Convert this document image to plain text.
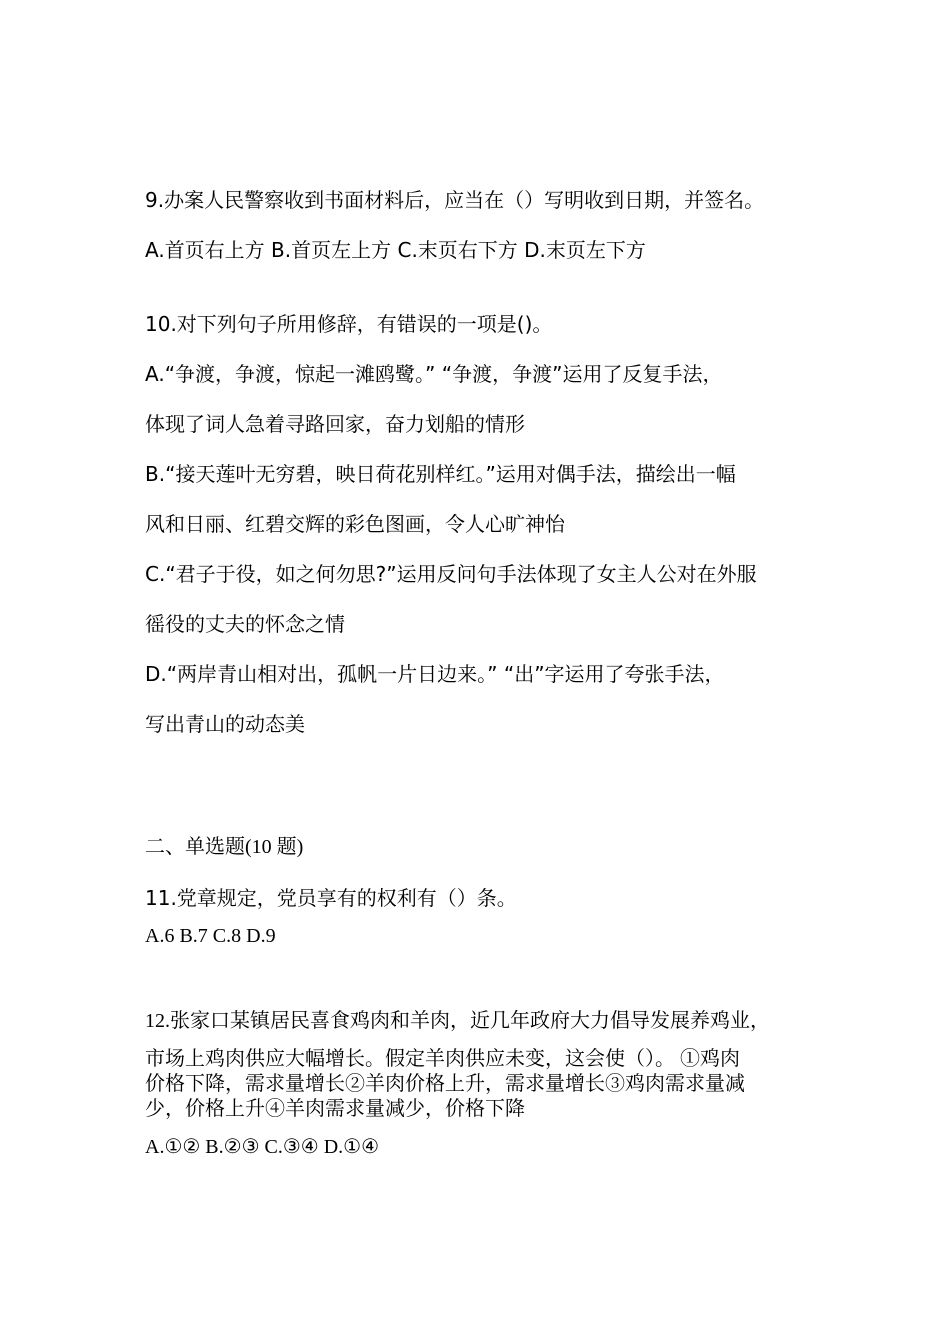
9.办案人民警察收到书面材料后，应当在（）写明收到日期，并签名。
A.首页右上方 B.首页左上方 C.末页右下方 D.末页左下方
10.对下列句子所用修辞，有错误的一项是()。
A.“争渡，争渡，惊起一滩鸥鹭。” “争渡，争渡”运用了反复手法，
体现了词人急着寻路回家，奋力划船的情形
B.“接天莲叶无穷碧，映日荷花别样红。”运用对偶手法，描绘出一幅
风和日丽、红碧交辉的彩色图画，令人心旷神怡
C.“君子于役，如之何勿思?”运用反问句手法体现了女主人公对在外服
徭役的丈夫的怀念之情
D.“两岸青山相对出，孤帆一片日边来。” “出”字运用了夸张手法，
写出青山的动态美
二、单选题(10 题)
11.党章规定，党员享有的权利有（）条。
A.6 B.7 C.8 D.9
12.张家口某镇居民喜食鸡肉和羊肉，近几年政府大力倡导发展养鸡业，
市场上鸡肉供应大幅增长。假定羊肉供应未变，这会使（）。 ①鸡肉
价格下降，需求量增长②羊肉价格上升，需求量增长③鸡肉需求量减
少，价格上升④羊肉需求量减少，价格下降
A.①② B.②③ C.③④ D.①④
